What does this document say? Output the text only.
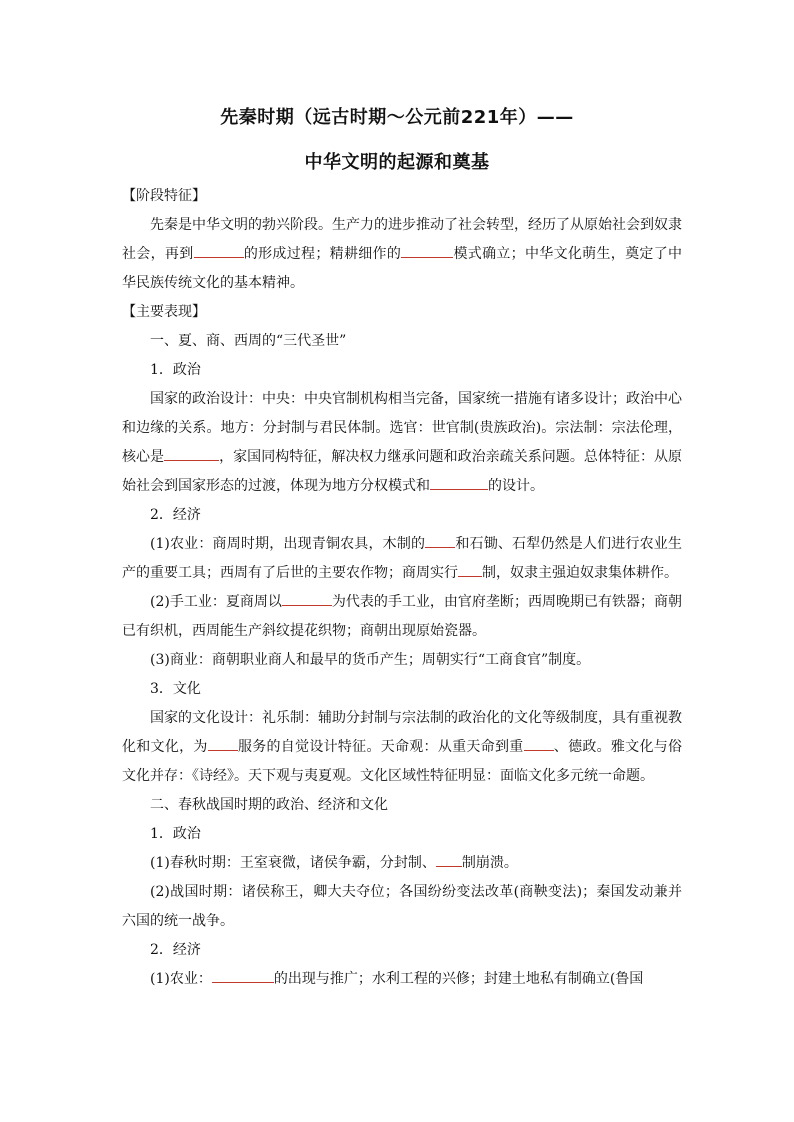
先秦时期（远古时期～公元前221年）——
中华文明的起源和奠基
【阶段特征】

先秦是中华文明的勃兴阶段。生产力的进步推动了社会转型，经历了从原始社会到奴隶社会，再到	的形成过程；精耕细作的	模式确立；中华文化萌生，奠定了中华民族传统文化的基本精神。

【主要表现】
一、夏、商、西周的“三代圣世”
1．政治

国家的政治设计：中央：中央官制机构相当完备，国家统一措施有诸多设计；政治中心和边缘的关系。地方：分封制与君民体制。选官：世官制(贵族政治)。宗法制：宗法伦理，核心是	，家国同构特征，解决权力继承问题和政治亲疏关系问题。总体特征：从原始社会到国家形态的过渡，体现为地方分权模式和	的设计。

2．经济

(1)农业：商周时期，出现青铜农具，木制的 和石锄、石犁仍然是人们进行农业生产的重要工具；西周有了后世的主要农作物；商周实行 制，奴隶主强迫奴隶集体耕作。

(2)手工业：夏商周以	为代表的手工业，由官府垄断；西周晚期已有铁器；商朝已有织机，西周能生产斜纹提花织物；商朝出现原始瓷器。

(3)商业：商朝职业商人和最早的货币产生；周朝实行“工商食官”制度。

3．文化

国家的文化设计：礼乐制：辅助分封制与宗法制的政治化的文化等级制度，具有重视教化和文化，为 服务的自觉设计特征。天命观：从重天命到重 、德政。雅文化与俗文化并存：《诗经》。天下观与夷夏观。文化区域性特征明显：面临文化多元统一命题。

二、春秋战国时期的政治、经济和文化
1．政治

(1)春秋时期：王室衰微，诸侯争霸，分封制、 制崩溃。

(2)战国时期：诸侯称王，卿大夫夺位；各国纷纷变法改革(商鞅变法)；秦国发动兼并六国的统一战争。

2．经济

(1)农业：	的出现与推广；水利工程的兴修；封建土地私有制确立(鲁国
